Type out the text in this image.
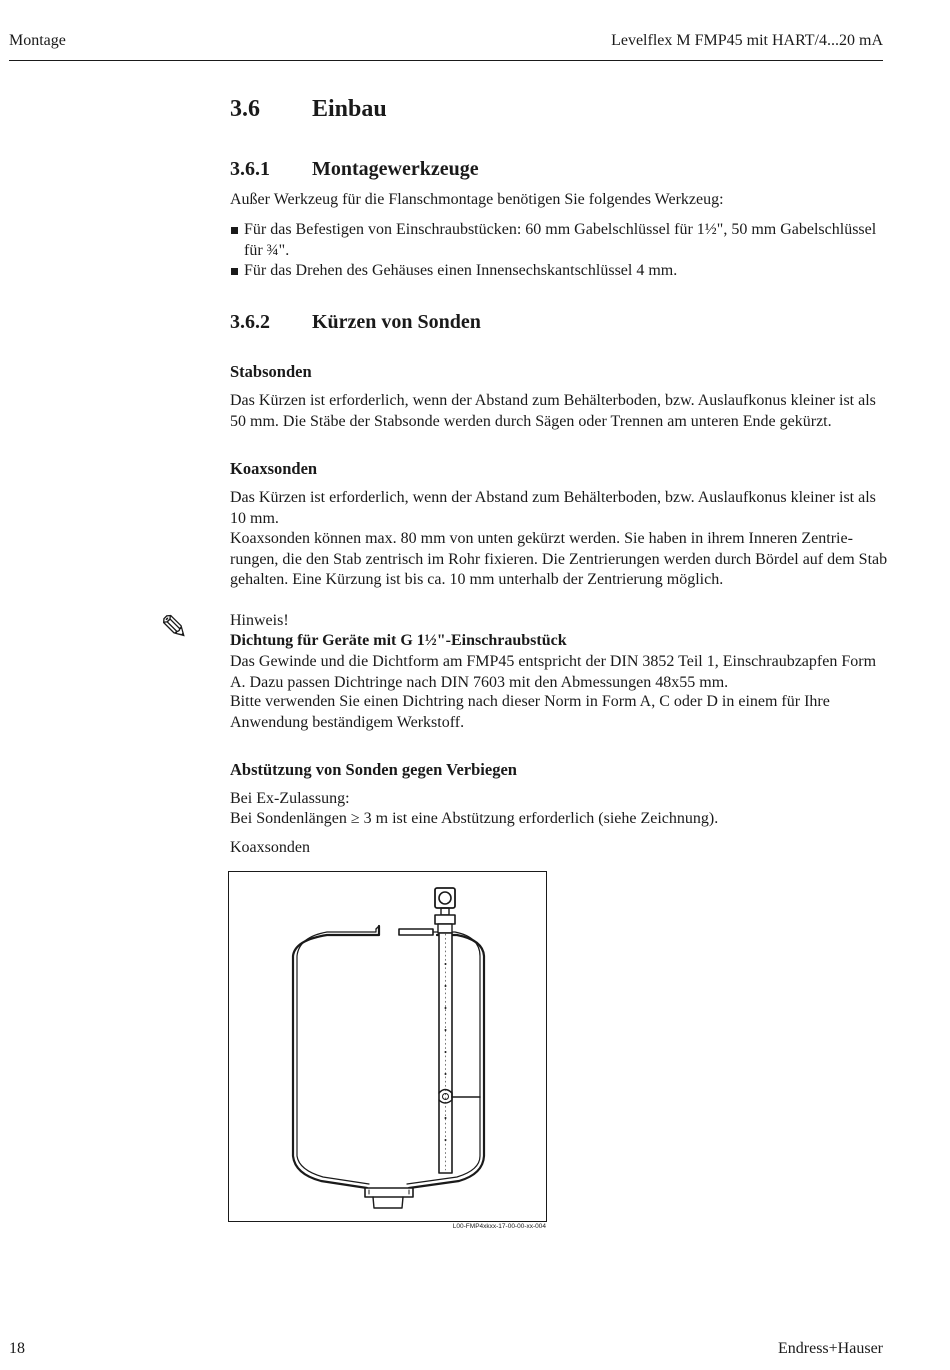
Montage	Levelflex M FMP45 mit HART/4...20 mA
3.6 Einbau
3.6.1 Montagewerkzeuge
Außer Werkzeug für die Flanschmontage benötigen Sie folgendes Werkzeug:
Für das Befestigen von Einschraubstücken: 60 mm Gabelschlüssel für 1½", 50 mm Gabelschlüssel für ¾".
Für das Drehen des Gehäuses einen Innensechskantschlüssel 4 mm.
3.6.2 Kürzen von Sonden
Stabsonden
Das Kürzen ist erforderlich, wenn der Abstand zum Behälterboden, bzw. Auslaufkonus kleiner ist als 50 mm. Die Stäbe der Stabsonde werden durch Sägen oder Trennen am unteren Ende gekürzt.
Koaxsonden
Das Kürzen ist erforderlich, wenn der Abstand zum Behälterboden, bzw. Auslaufkonus kleiner ist als 10 mm.
Koaxsonden können max. 80 mm von unten gekürzt werden. Sie haben in ihrem Inneren Zentrie-rungen, die den Stab zentrisch im Rohr fixieren. Die Zentrierungen werden durch Bördel auf dem Stab gehalten. Eine Kürzung ist bis ca. 10 mm unterhalb der Zentrierung möglich.
✎	Hinweis!
Dichtung für Geräte mit G 1½"-Einschraubstück
Das Gewinde und die Dichtform am FMP45 entspricht der DIN 3852 Teil 1, Einschraubzapfen Form A. Dazu passen Dichtringe nach DIN 7603 mit den Abmessungen 48x55 mm.
Bitte verwenden Sie einen Dichtring nach dieser Norm in Form A, C oder D in einem für Ihre Anwendung beständigem Werkstoff.
Abstützung von Sonden gegen Verbiegen
Bei Ex-Zulassung:
Bei Sondenlängen ≥ 3 m ist eine Abstützung erforderlich (siehe Zeichnung).
Koaxsonden
L00-FMP4xkxx-17-00-00-xx-004
18	Endress+Hauser
